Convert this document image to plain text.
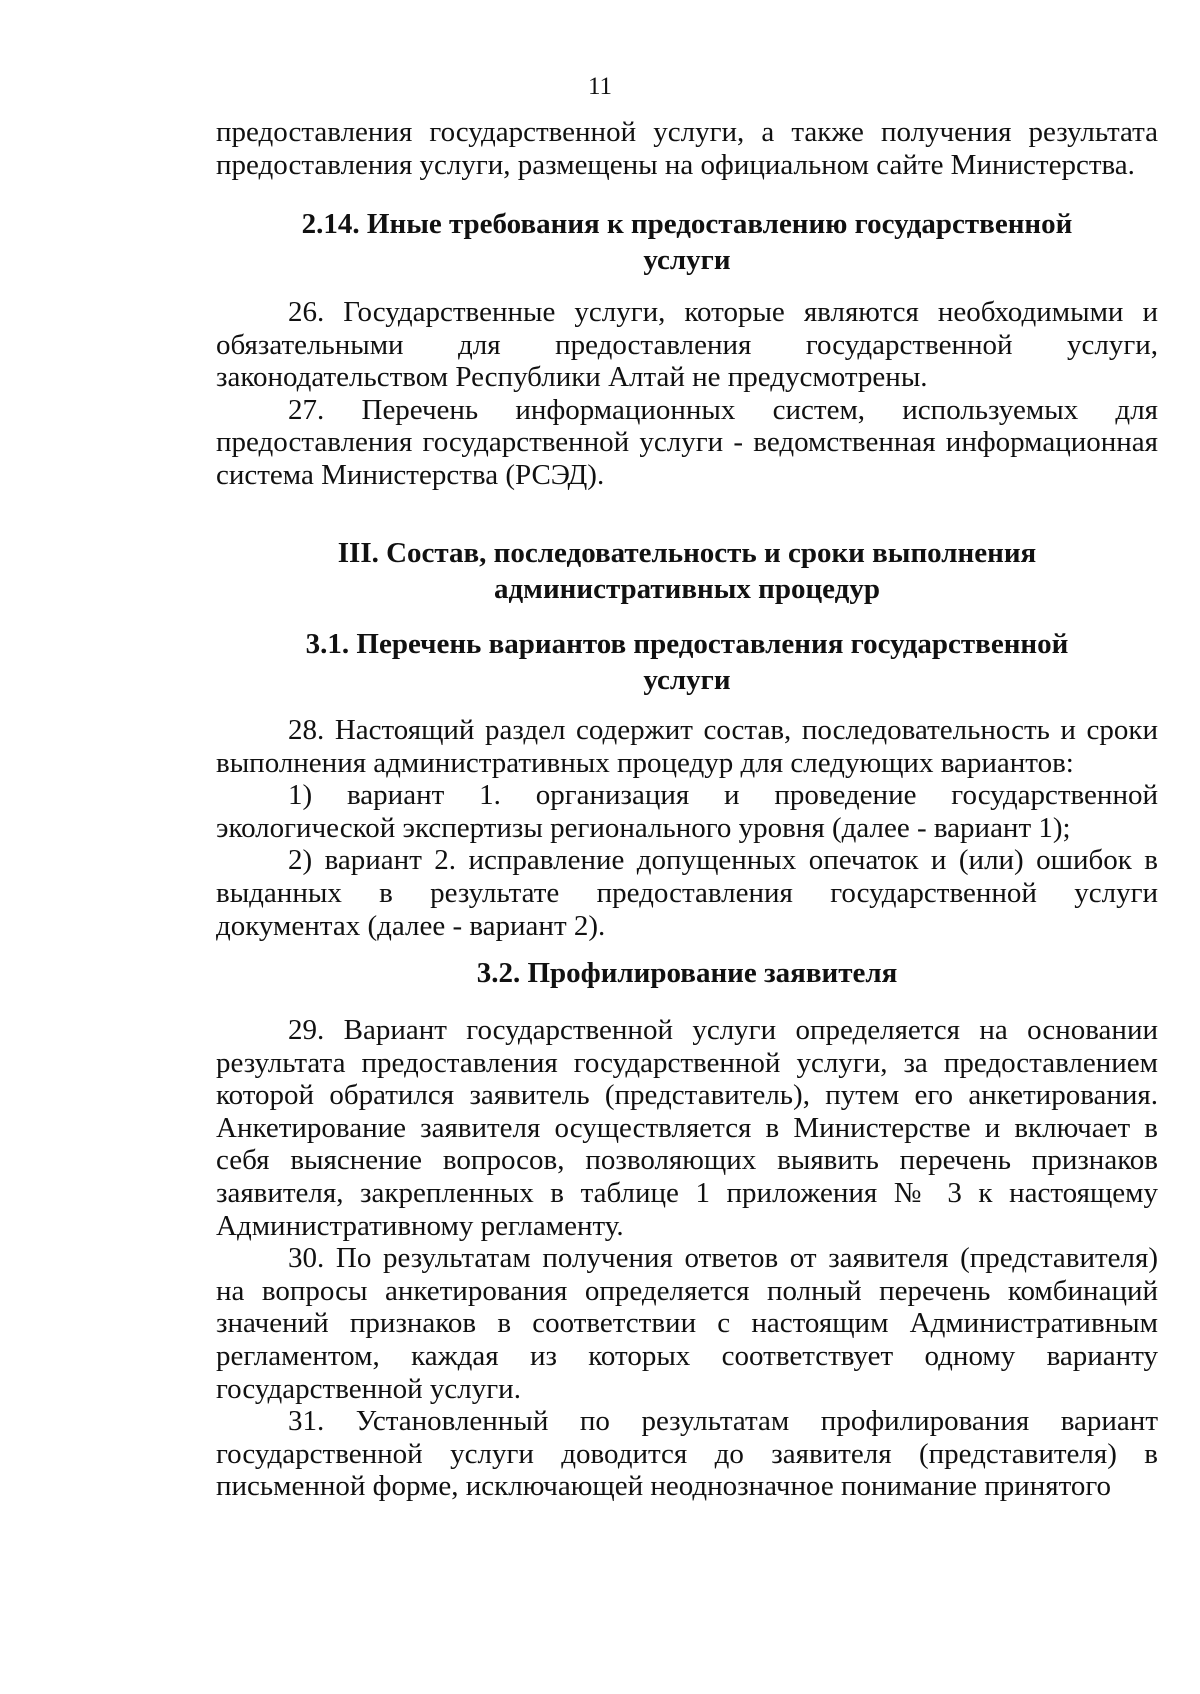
11

предоставления государственной услуги, а также получения результата предоставления услуги, размещены на официальном сайте Министерства.

2.14. Иные требования к предоставлению государственной
услуги

26. Государственные услуги, которые являются необходимыми и обязательными для предоставления государственной услуги, законодательством Республики Алтай не предусмотрены.

27. Перечень информационных систем, используемых для предоставления государственной услуги - ведомственная информационная система Министерства (РСЭД).

III. Состав, последовательность и сроки выполнения
административных процедур
3.1. Перечень вариантов предоставления государственной
услуги

28. Настоящий раздел содержит состав, последовательность и сроки выполнения административных процедур для следующих вариантов:

1) вариант 1. организация и проведение государственной экологической экспертизы регионального уровня (далее - вариант 1);

2) вариант 2. исправление допущенных опечаток и (или) ошибок в выданных в результате предоставления государственной услуги документах (далее - вариант 2).

3.2. Профилирование заявителя

29. Вариант государственной услуги определяется на основании результата предоставления государственной услуги, за предоставлением которой обратился заявитель (представитель), путем его анкетирования. Анкетирование заявителя осуществляется в Министерстве и включает в себя выяснение вопросов, позволяющих выявить перечень признаков заявителя, закрепленных в таблице 1 приложения № 3 к настоящему Административному регламенту.

30. По результатам получения ответов от заявителя (представителя) на вопросы анкетирования определяется полный перечень комбинаций значений признаков в соответствии с настоящим Административным регламентом, каждая из которых соответствует одному варианту государственной услуги.

31. Установленный по результатам профилирования вариант государственной услуги доводится до заявителя (представителя) в письменной форме, исключающей неоднозначное понимание принятого
